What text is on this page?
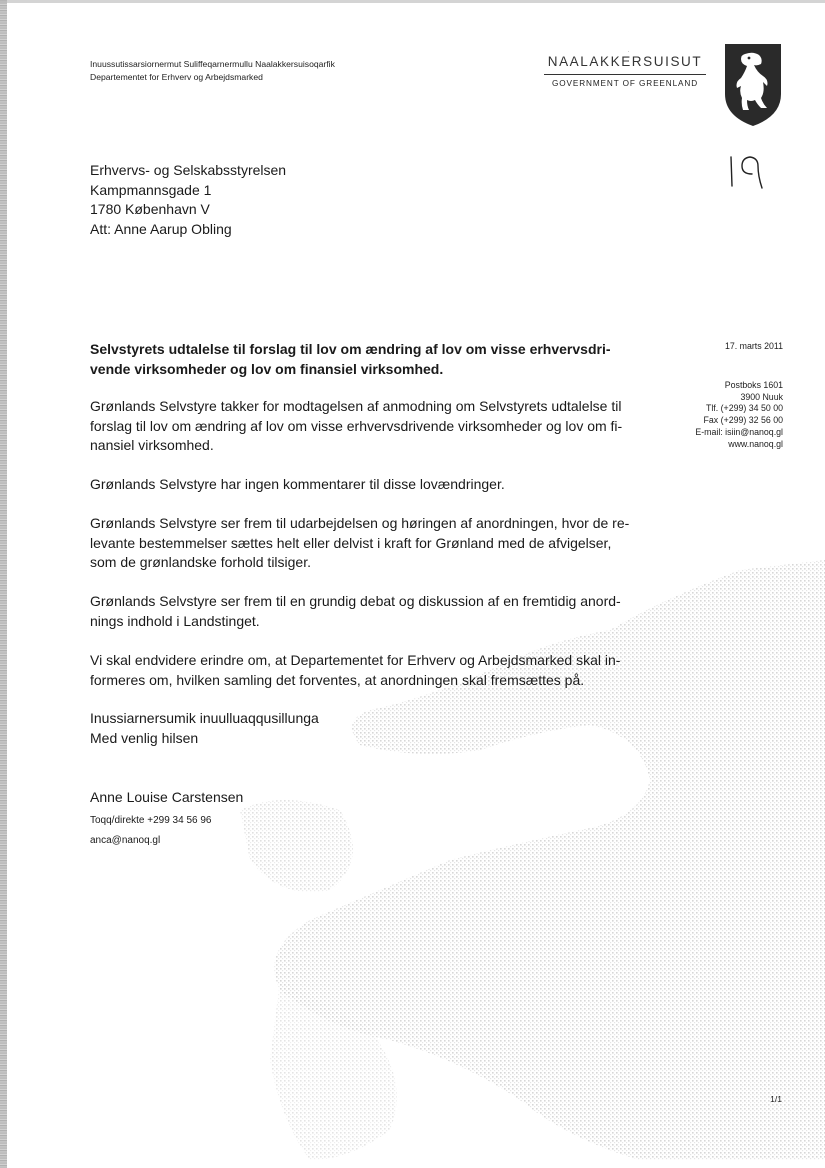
Inuussutissarsiornermut Suliffeqarnermullu Naalakkersuisoqarfik
Departementet for Erhverv og Arbejdsmarked
NAALAKKERSUISUT
GOVERNMENT OF GREENLAND
19
Erhvervs- og Selskabsstyrelsen
Kampmannsgade 1
1780 København V
Att: Anne Aarup Obling
17. marts 2011
Postboks 1601
3900 Nuuk
Tlf. (+299) 34 50 00
Fax (+299) 32 56 00
E-mail: isiin@nanoq.gl
www.nanoq.gl
Selvstyrets udtalelse til forslag til lov om ændring af lov om visse erhvervsdri-
vende virksomheder og lov om finansiel virksomhed.
Grønlands Selvstyre takker for modtagelsen af anmodning om Selvstyrets udtalelse til
forslag til lov om ændring af lov om visse erhvervsdrivende virksomheder og lov om fi-
nansiel virksomhed.
Grønlands Selvstyre har ingen kommentarer til disse lovændringer.
Grønlands Selvstyre ser frem til udarbejdelsen og høringen af anordningen, hvor de re-
levante bestemmelser sættes helt eller delvist i kraft for Grønland med de afvigelser,
som de grønlandske forhold tilsiger.
Grønlands Selvstyre ser frem til en grundig debat og diskussion af en fremtidig anord-
nings indhold i Landstinget.
Vi skal endvidere erindre om, at Departementet for Erhverv og Arbejdsmarked skal in-
formeres om, hvilken samling det forventes, at anordningen skal fremsættes på.
Inussiarnersumik inuulluaqqusillunga
Med venlig hilsen
Anne Louise Carstensen
Toqq/direkte +299 34 56 96
anca@nanoq.gl
1/1
